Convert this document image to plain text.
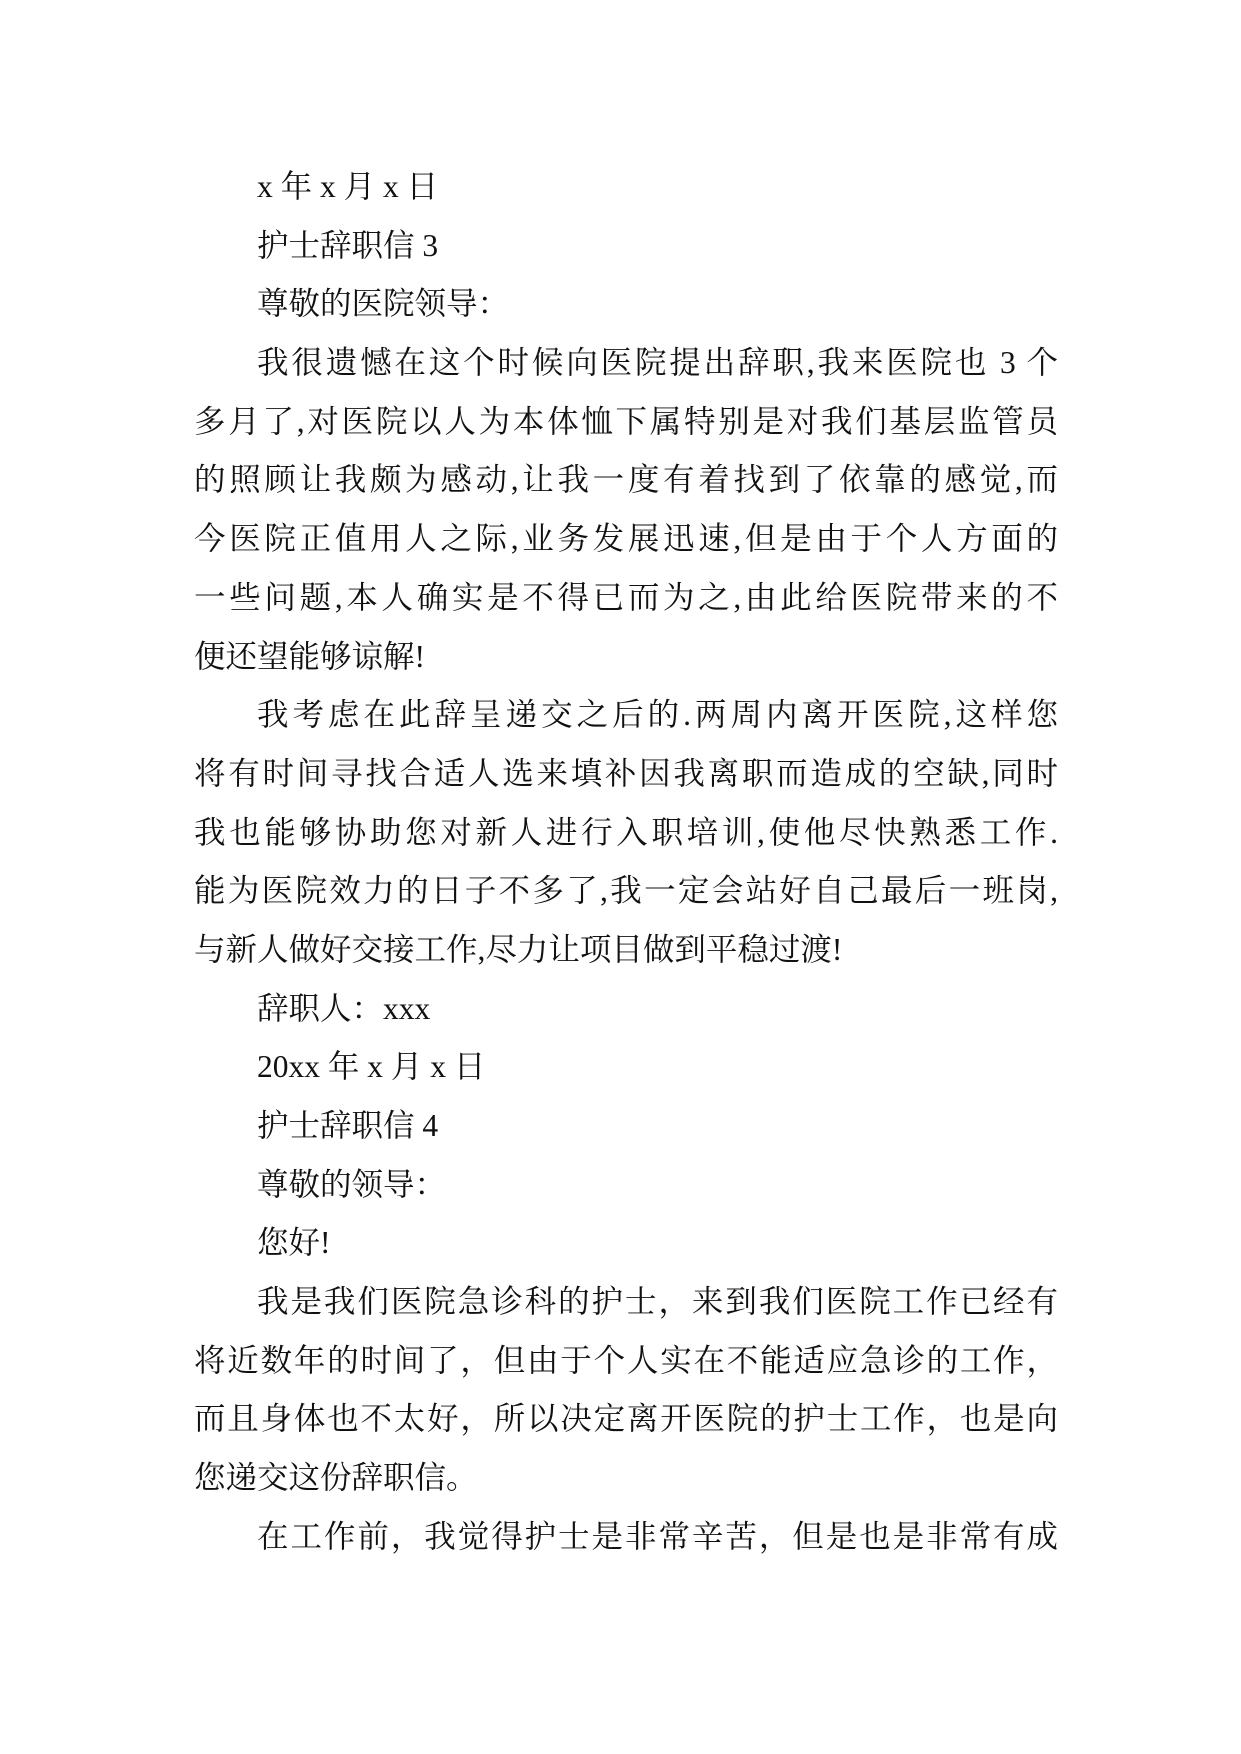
x 年 x 月 x 日
护士辞职信 3
尊敬的医院领导：
我很遗憾在这个时候向医院提出辞职,我来医院也 3 个
多月了,对医院以人为本体恤下属特别是对我们基层监管员
的照顾让我颇为感动,让我一度有着找到了依靠的感觉,而
今医院正值用人之际,业务发展迅速,但是由于个人方面的
一些问题,本人确实是不得已而为之,由此给医院带来的不
便还望能够谅解!
我考虑在此辞呈递交之后的.两周内离开医院,这样您
将有时间寻找合适人选来填补因我离职而造成的空缺,同时
我也能够协助您对新人进行入职培训,使他尽快熟悉工作.
能为医院效力的日子不多了,我一定会站好自己最后一班岗,
与新人做好交接工作,尽力让项目做到平稳过渡!
辞职人：xxx
20xx 年 x 月 x 日
护士辞职信 4
尊敬的领导：
您好!
我是我们医院急诊科的护士，来到我们医院工作已经有
将近数年的时间了，但由于个人实在不能适应急诊的工作，
而且身体也不太好，所以决定离开医院的护士工作，也是向
您递交这份辞职信。
在工作前，我觉得护士是非常辛苦，但是也是非常有成
